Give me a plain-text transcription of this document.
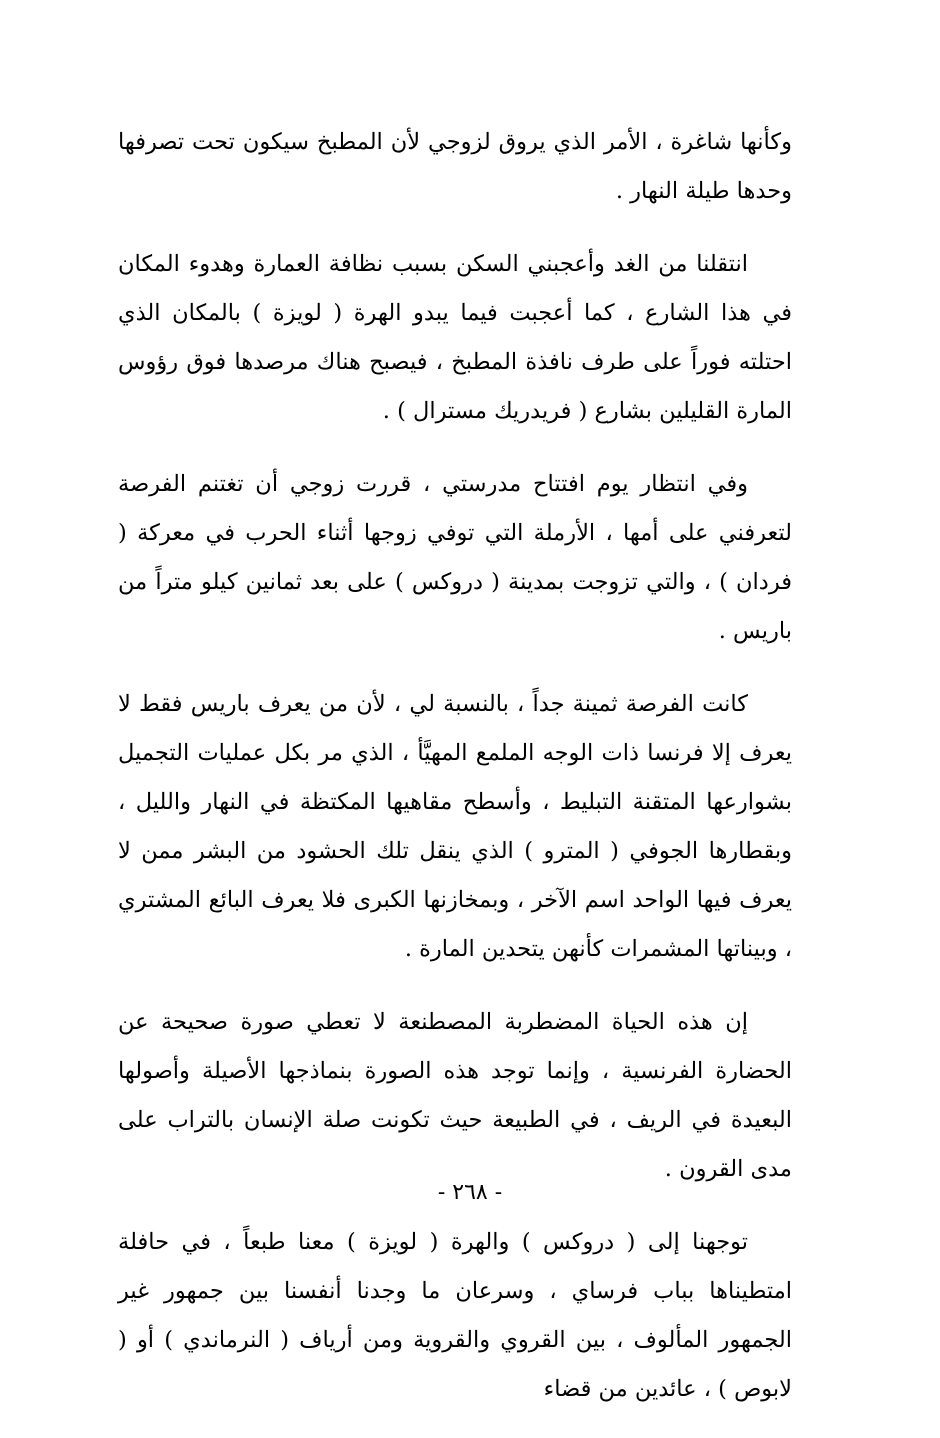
وكأنها شاغرة ، الأمر الذي يروق لزوجي لأن المطبخ سيكون تحت تصرفها وحدها طيلة النهار .

انتقلنا من الغد وأعجبني السكن بسبب نظافة العمارة وهدوء المكان في هذا الشارع ، كما أعجبت فيما يبدو الهرة ( لويزة ) بالمكان الذي احتلته فوراً على طرف نافذة المطبخ ، فيصبح هناك مرصدها فوق رؤوس المارة القليلين بشارع ( فريدريك مسترال ) .

وفي انتظار يوم افتتاح مدرستي ، قررت زوجي أن تغتنم الفرصة لتعرفني على أمها ، الأرملة التي توفي زوجها أثناء الحرب في معركة ( فردان ) ، والتي تزوجت بمدينة ( دروكس ) على بعد ثمانين كيلو متراً من باريس .

كانت الفرصة ثمينة جداً ، بالنسبة لي ، لأن من يعرف باريس فقط لا يعرف إلا فرنسا ذات الوجه الملمع المهيَّأ ، الذي مر بكل عمليات التجميل بشوارعها المتقنة التبليط ، وأسطح مقاهيها المكتظة في النهار والليل ، وبقطارها الجوفي ( المترو ) الذي ينقل تلك الحشود من البشر ممن لا يعرف فيها الواحد اسم الآخر ، وبمخازنها الكبرى فلا يعرف البائع المشتري ، وبيناتها المشمرات كأنهن يتحدين المارة .

إن هذه الحياة المضطربة المصطنعة لا تعطي صورة صحيحة عن الحضارة الفرنسية ، وإنما توجد هذه الصورة بنماذجها الأصيلة وأصولها البعيدة في الريف ، في الطبيعة حيث تكونت صلة الإنسان بالتراب على مدى القرون .

توجهنا إلى ( دروكس ) والهرة ( لويزة ) معنا طبعاً ، في حافلة امتطيناها بباب فرساي ، وسرعان ما وجدنا أنفسنا بين جمهور غير الجمهور المألوف ، بين القروي والقروية ومن أرياف ( النرماندي ) أو ( لابوص ) ، عائدين من قضاء

- ٢٦٨ -
